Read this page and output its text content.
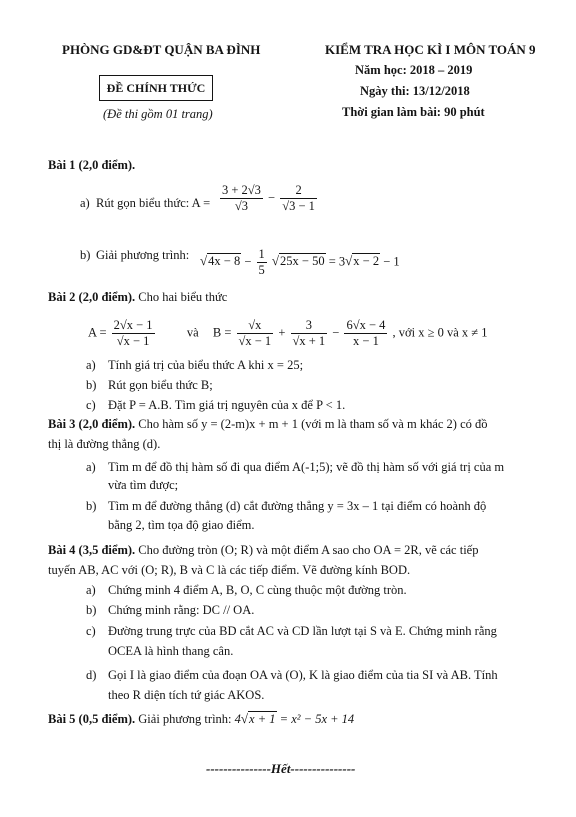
PHÒNG GD&ĐT QUẬN BA ĐÌNH	KIỂM TRA HỌC KÌ I MÔN TOÁN 9
Năm học: 2018 – 2019
ĐỀ CHÍNH THỨC	Ngày thi: 13/12/2018
(Đề thi gồm 01 trang)	Thời gian làm bài: 90 phút
Bài 1 (2,0 điểm).
a) Rút gọn biểu thức: $A = \frac{3 + 2√3}{√3} - \frac{2}{√3 - 1}$
b) Giải phương trình: $√4x - 8 - \frac{1}{5} √25x - 50 = 3√x - 2 - 1$
Bài 2 (2,0 điểm). Cho hai biểu thức
$A = \frac{2√x - 1}{√x - 1}$	và $B = \frac{√x}{√x - 1} + \frac{3}{√x + 1} - \frac{6√x - 4}{x - 1}$ , với x ≥ 0 và x ≠ 1
a) Tính giá trị của biểu thức A khi x = 25;
b) Rút gọn biểu thức B;
c) Đặt P = A.B. Tìm giá trị nguyên của x để P < 1.
Bài 3 (2,0 điểm). Cho hàm số y = (2-m)x + m + 1 (với m là tham số và m khác 2) có đồ
thị là đường thẳng (d).
a) Tìm m để đồ thị hàm số đi qua điểm A(-1;5); vẽ đồ thị hàm số với giá trị của m
vừa tìm được;
b) Tìm m để đường thẳng (d) cắt đường thẳng y = 3x – 1 tại điểm có hoành độ
bằng 2, tìm tọa độ giao điểm.
Bài 4 (3,5 điểm). Cho đường tròn (O; R) và một điểm A sao cho OA = 2R, vẽ các tiếp
tuyến AB, AC với (O; R), B và C là các tiếp điểm. Vẽ đường kính BOD.
a) Chứng minh 4 điểm A, B, O, C cùng thuộc một đường tròn.
b) Chứng minh rằng: DC // OA.
c) Đường trung trực của BD cắt AC và CD lần lượt tại S và E. Chứng minh rằng
OCEA là hình thang cân.
d) Gọi I là giao điểm của đoạn OA và (O), K là giao điểm của tia SI và AB. Tính
theo R diện tích tứ giác AKOS.
Bài 5 (0,5 điểm). Giải phương trình: 4√x + 1 = x² − 5x + 14
---------------Hết---------------
